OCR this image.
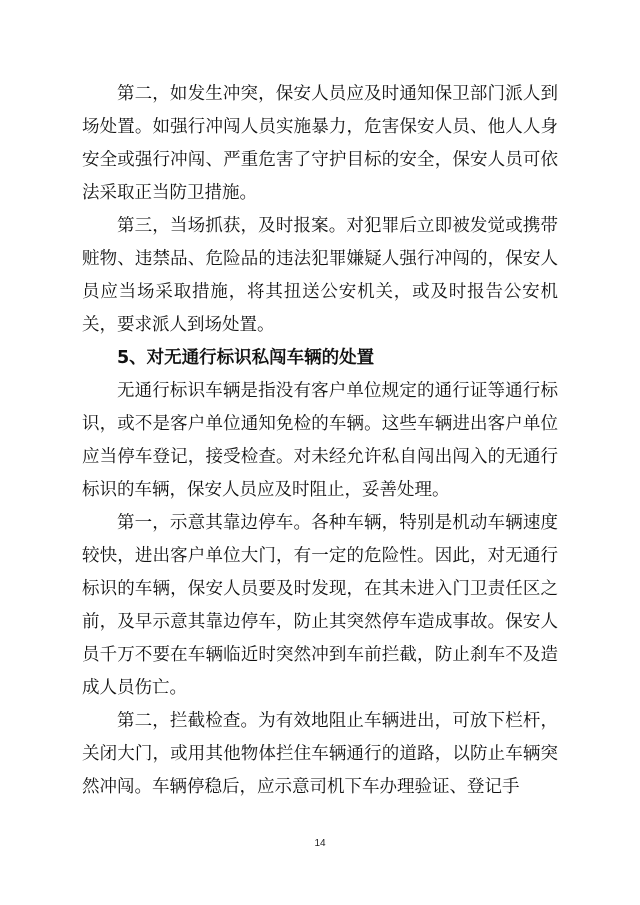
第二，如发生冲突，保安人员应及时通知保卫部门派人到场处置。如强行冲闯人员实施暴力，危害保安人员、他人人身安全或强行冲闯、严重危害了守护目标的安全，保安人员可依法采取正当防卫措施。

第三，当场抓获，及时报案。对犯罪后立即被发觉或携带赃物、违禁品、危险品的违法犯罪嫌疑人强行冲闯的，保安人员应当场采取措施，将其扭送公安机关，或及时报告公安机关，要求派人到场处置。

5、对无通行标识私闯车辆的处置

无通行标识车辆是指没有客户单位规定的通行证等通行标识，或不是客户单位通知免检的车辆。这些车辆进出客户单位应当停车登记，接受检查。对未经允许私自闯出闯入的无通行标识的车辆，保安人员应及时阻止，妥善处理。

第一，示意其靠边停车。各种车辆，特别是机动车辆速度较快，进出客户单位大门，有一定的危险性。因此，对无通行标识的车辆，保安人员要及时发现，在其未进入门卫责任区之前，及早示意其靠边停车，防止其突然停车造成事故。保安人员千万不要在车辆临近时突然冲到车前拦截，防止刹车不及造成人员伤亡。

第二，拦截检查。为有效地阻止车辆进出，可放下栏杆，关闭大门，或用其他物体拦住车辆通行的道路，以防止车辆突然冲闯。车辆停稳后，应示意司机下车办理验证、登记手

14
